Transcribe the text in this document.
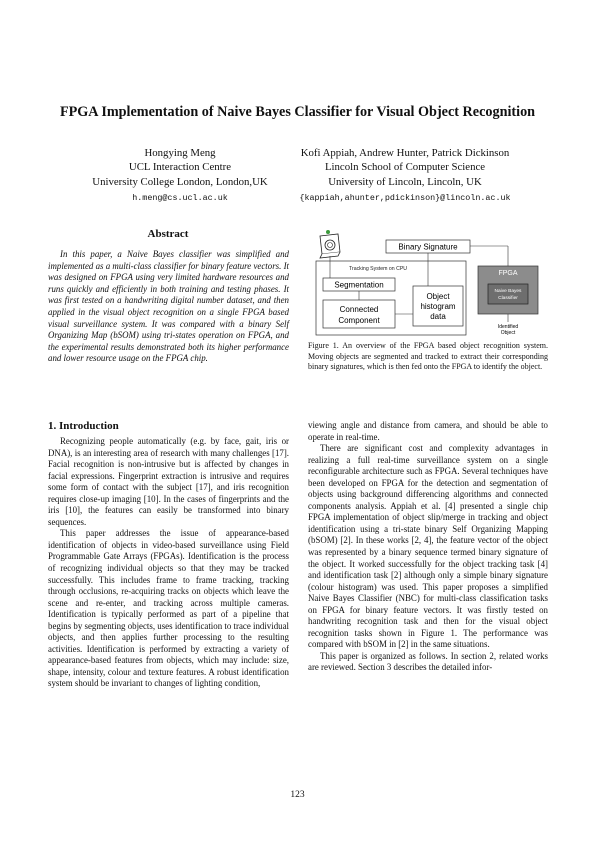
FPGA Implementation of Naive Bayes Classifier for Visual Object Recognition
Hongying Meng
UCL Interaction Centre
University College London, London,UK
h.meng@cs.ucl.ac.uk
Kofi Appiah, Andrew Hunter, Patrick Dickinson
Lincoln School of Computer Science
University of Lincoln, Lincoln, UK
{kappiah,ahunter,pdickinson}@lincoln.ac.uk
Abstract

In this paper, a Naive Bayes classifier was simplified and implemented as a multi-class classifier for binary feature vectors. It was designed on FPGA using very limited hardware resources and runs quickly and efficiently in both training and testing phases. It was first tested on a handwriting digital number dataset, and then applied in the visual object recognition on a single FPGA based visual surveillance system. It was compared with a binary Self Organizing Map (bSOM) using tri-states operation on FPGA, and the experimental results demonstrated both its higher performance and lower resource usage on the FPGA chip.

Tracking System on CPU
Binary Signature
Segmentation
Connected
Component
Object
histogram
data
FPGA
Naive Bayes
Classifier
Identified
Object

Figure 1. An overview of the FPGA based object recognition system. Moving objects are segmented and tracked to extract their corresponding binary signatures, which is then fed onto the FPGA to identify the object.

1. Introduction

Recognizing people automatically (e.g. by face, gait, iris or DNA), is an interesting area of research with many challenges [17]. Facial recognition is non-intrusive but is affected by changes in facial expressions. Fingerprint extraction is intrusive and requires some form of contact with the subject [17], and iris recognition requires close-up imaging [10]. In the cases of fingerprints and the iris [10], the features can easily be transformed into binary sequences.

This paper addresses the issue of appearance-based identification of objects in video-based surveillance using Field Programmable Gate Arrays (FPGAs). Identification is the process of recognizing individual objects so that they may be tracked successfully. This includes frame to frame tracking, tracking through occlusions, re-acquiring tracks on objects which leave the scene and re-enter, and tracking across multiple cameras. Identification is typically performed as part of a pipeline that begins by segmenting objects, uses identification to trace individual objects, and then applies further processing to the resulting activities. Identification is performed by extracting a variety of appearance-based features from objects, which may include: size, shape, intensity, colour and texture features. A robust identification system should be invariant to changes of lighting condition,

viewing angle and distance from camera, and should be able to operate in real-time.

There are significant cost and complexity advantages in realizing a full real-time surveillance system on a single reconfigurable architecture such as FPGA. Several techniques have been developed on FPGA for the detection and segmentation of objects using background differencing algorithms and connected components analysis. Appiah et al. [4] presented a single chip FPGA implementation of object slip/merge in tracking and object identification using a tri-state binary Self Organizing Mapping (bSOM) [2]. In these works [2, 4], the feature vector of the object was represented by a binary sequence termed binary signature of the object. It worked successfully for the object tracking task [4] and identification task [2] although only a simple binary signature (colour histogram) was used. This paper proposes a simplified Naive Bayes Classifier (NBC) for multi-class classification tasks on FPGA for binary feature vectors. It was firstly tested on handwriting recognition task and then for the visual object recognition tasks shown in Figure 1. The performance was compared with bSOM in [2] in the same situations.

This paper is organized as follows. In section 2, related works are reviewed. Section 3 describes the detailed infor-

123
